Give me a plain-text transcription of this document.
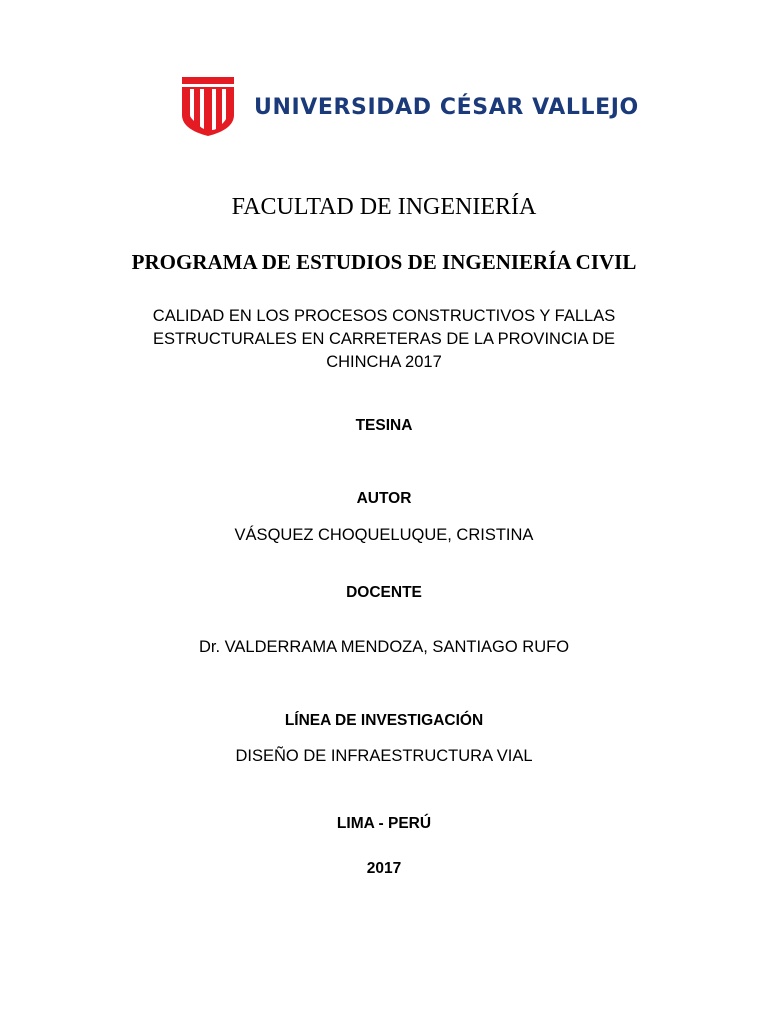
UNIVERSIDAD CÉSAR VALLEJO
FACULTAD DE INGENIERÍA
PROGRAMA DE ESTUDIOS DE INGENIERÍA CIVIL
CALIDAD EN LOS PROCESOS CONSTRUCTIVOS Y FALLAS
ESTRUCTURALES EN CARRETERAS DE LA PROVINCIA DE
CHINCHA 2017
TESINA
AUTOR
VÁSQUEZ CHOQUELUQUE, CRISTINA
DOCENTE
Dr. VALDERRAMA MENDOZA, SANTIAGO RUFO
LÍNEA DE INVESTIGACIÓN
DISEÑO DE INFRAESTRUCTURA VIAL
LIMA - PERÚ
2017
